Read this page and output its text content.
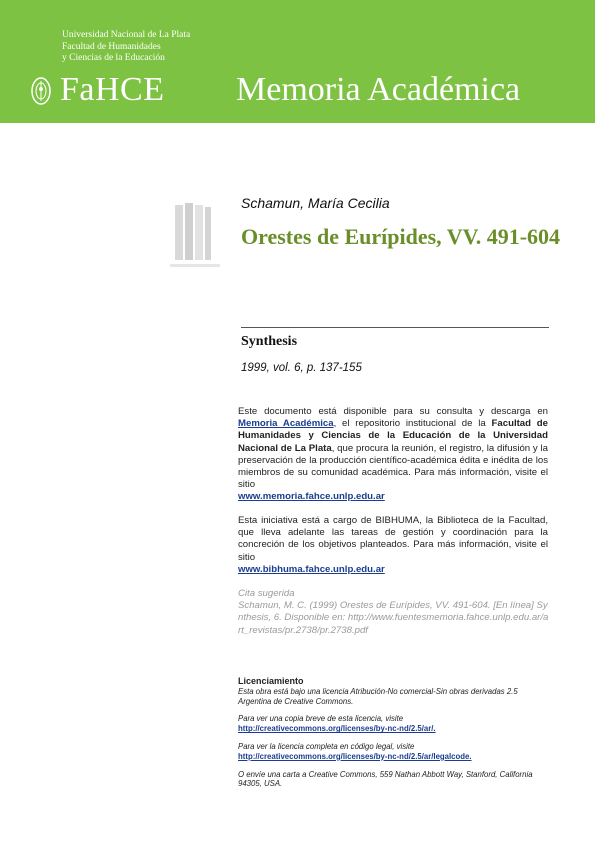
Universidad Nacional de La Plata
Facultad de Humanidades
y Ciencias de la Educación
FaHCE Memoria Académica
Schamun, María Cecilia
Orestes de Eurípides, VV. 491-604
Synthesis
1999, vol. 6, p. 137-155
Este documento está disponible para su consulta y descarga en Memoria Académica, el repositorio institucional de la Facultad de Humanidades y Ciencias de la Educación de la Universidad Nacional de La Plata, que procura la reunión, el registro, la difusión y la preservación de la producción científico-académica édita e inédita de los miembros de su comunidad académica. Para más información, visite el sitio
www.memoria.fahce.unlp.edu.ar
Esta iniciativa está a cargo de BIBHUMA, la Biblioteca de la Facultad, que lleva adelante las tareas de gestión y coordinación para la concreción de los objetivos planteados. Para más información, visite el sitio
www.bibhuma.fahce.unlp.edu.ar
Cita sugerida
Schamun, M. C. (1999) Orestes de Eurípides, VV. 491-604. [En línea] Synthesis, 6. Disponible en: http://www.fuentesmemoria.fahce.unlp.edu.ar/art_revistas/pr.2738/pr.2738.pdf
Licenciamiento
Esta obra está bajo una licencia Atribución-No comercial-Sin obras derivadas 2.5 Argentina de Creative Commons.
Para ver una copia breve de esta licencia, visite
http://creativecommons.org/licenses/by-nc-nd/2.5/ar/.
Para ver la licencia completa en código legal, visite
http://creativecommons.org/licenses/by-nc-nd/2.5/ar/legalcode.
O envíe una carta a Creative Commons, 559 Nathan Abbott Way, Stanford, California 94305, USA.
